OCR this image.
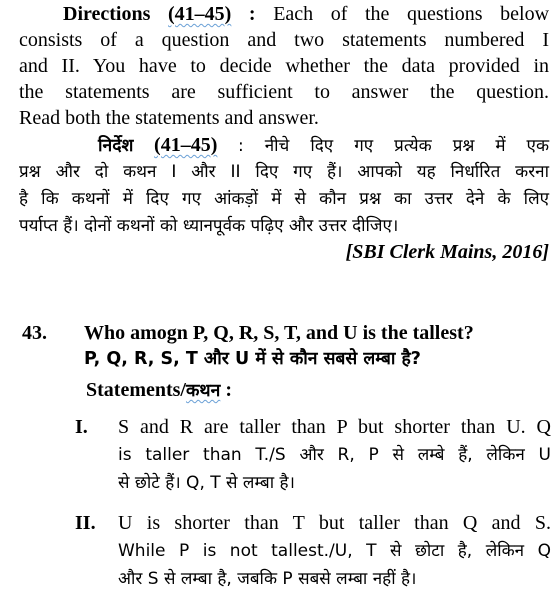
Directions (41–45) : Each of the questions below

consists of a question and two statements numbered I

and II. You have to decide whether the data provided in

the statements are sufficient to answer the question.

Read both the statements and answer.

निर्देश (41–45) : नीचे दिए गए प्रत्येक प्रश्न में एक

प्रश्न और दो कथन I और II दिए गए हैं। आपको यह निर्धारित करना

है कि कथनों में दिए गए आंकड़ों में से कौन प्रश्न का उत्तर देने के लिए

पर्याप्त हैं। दोनों कथनों को ध्यानपूर्वक पढ़िए और उत्तर दीजिए।

[SBI Clerk Mains, 2016]

43. Who amogn P, Q, R, S, T, and U is the tallest?

P, Q, R, S, T और U में से कौन सबसे लम्बा है?

Statements/कथन :
I. S and R are taller than P but shorter than U. Q

is taller than T./S और R, P से लम्बे हैं, लेकिन U

से छोटे हैं। Q, T से लम्बा है।

II. U is shorter than T but taller than Q and S.

While P is not tallest./U, T से छोटा है, लेकिन Q

और S से लम्बा है, जबकि P सबसे लम्बा नहीं है।
